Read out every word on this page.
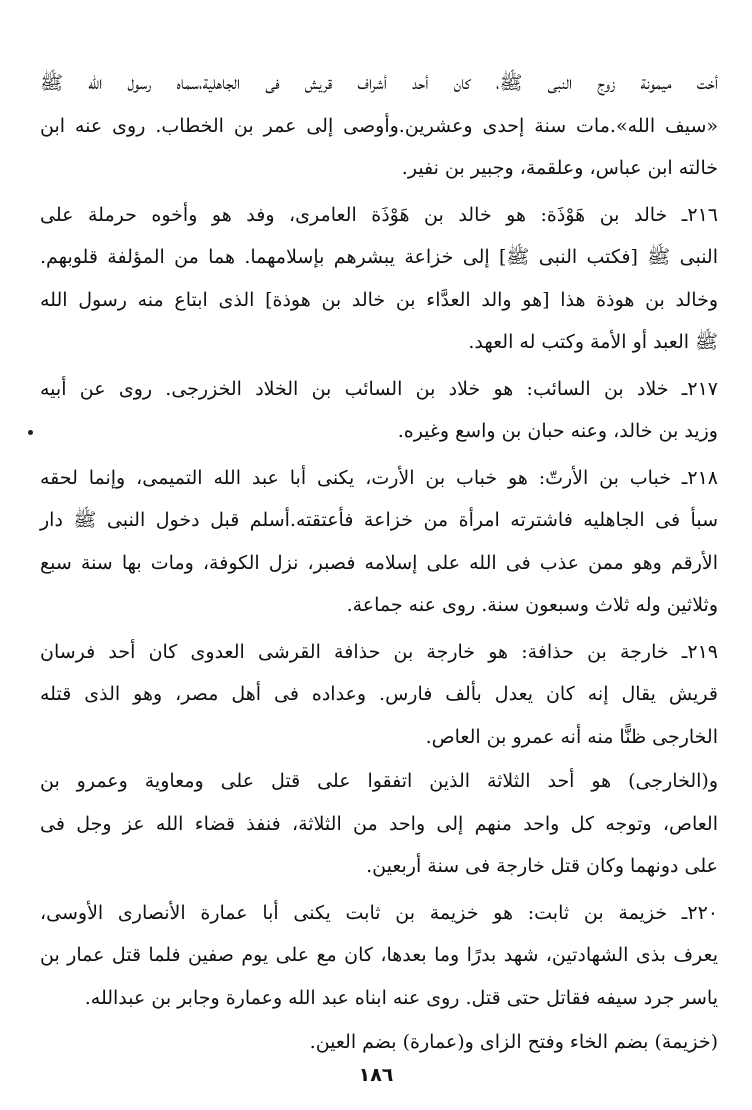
أخت ميمونة زوج النبى ﷺ، كان أحد أشراف قريش فى الجاهلية،سماه رسول الله ﷺ
«سيف الله».مات سنة إحدى وعشرين.وأوصى إلى عمر بن الخطاب. روى عنه ابن
خالته ابن عباس، وعلقمة، وجبير بن نفير.
٢١٦ـ خالد بن هَوْذَة: هو خالد بن هَوْذَة العامرى، وفد هو وأخوه حرملة على
النبى ﷺ [فكتب النبى ﷺ] إلى خزاعة يبشرهم بإسلامهما. هما من المؤلفة قلوبهم.
وخالد بن هوذة هذا [هو والد العدَّاء بن خالد بن هوذة] الذى ابتاع منه رسول الله
ﷺ العبد أو الأمة وكتب له العهد.
٢١٧ـ خلاد بن السائب: هو خلاد بن السائب بن الخلاد الخزرجى. روى عن أبيه
وزيد بن خالد، وعنه حبان بن واسع وغيره.
٢١٨ـ خباب بن الأرتّ: هو خباب بن الأرت، يكنى أبا عبد الله التميمى، وإنما لحقه
سبأ فى الجاهليه فاشترته امرأة من خزاعة فأعتقته.أسلم قبل دخول النبى ﷺ دار
الأرقم وهو ممن عذب فى الله على إسلامه فصبر، نزل الكوفة، ومات بها سنة سبع
وثلاثين وله ثلاث وسبعون سنة. روى عنه جماعة.
٢١٩ـ خارجة بن حذافة: هو خارجة بن حذافة القرشى العدوى كان أحد فرسان
قريش يقال إنه كان يعدل بألف فارس. وعداده فى أهل مصر، وهو الذى قتله
الخارجى ظنًّا منه أنه عمرو بن العاص.
و(الخارجى) هو أحد الثلاثة الذين اتفقوا على قتل على ومعاوية وعمرو بن
العاص، وتوجه كل واحد منهم إلى واحد من الثلاثة، فنفذ قضاء الله عز وجل فى
على دونهما وكان قتل خارجة فى سنة أربعين.
٢٢٠ـ خزيمة بن ثابت: هو خزيمة بن ثابت يكنى أبا عمارة الأنصارى الأوسى،
يعرف بذى الشهادتين، شهد بدرًا وما بعدها، كان مع على يوم صفين فلما قتل عمار بن
ياسر جرد سيفه فقاتل حتى قتل. روى عنه ابناه عبد الله وعمارة وجابر بن عبدالله.
(خزيمة) بضم الخاء وفتح الزاى و(عمارة) بضم العين.
١٨٦
